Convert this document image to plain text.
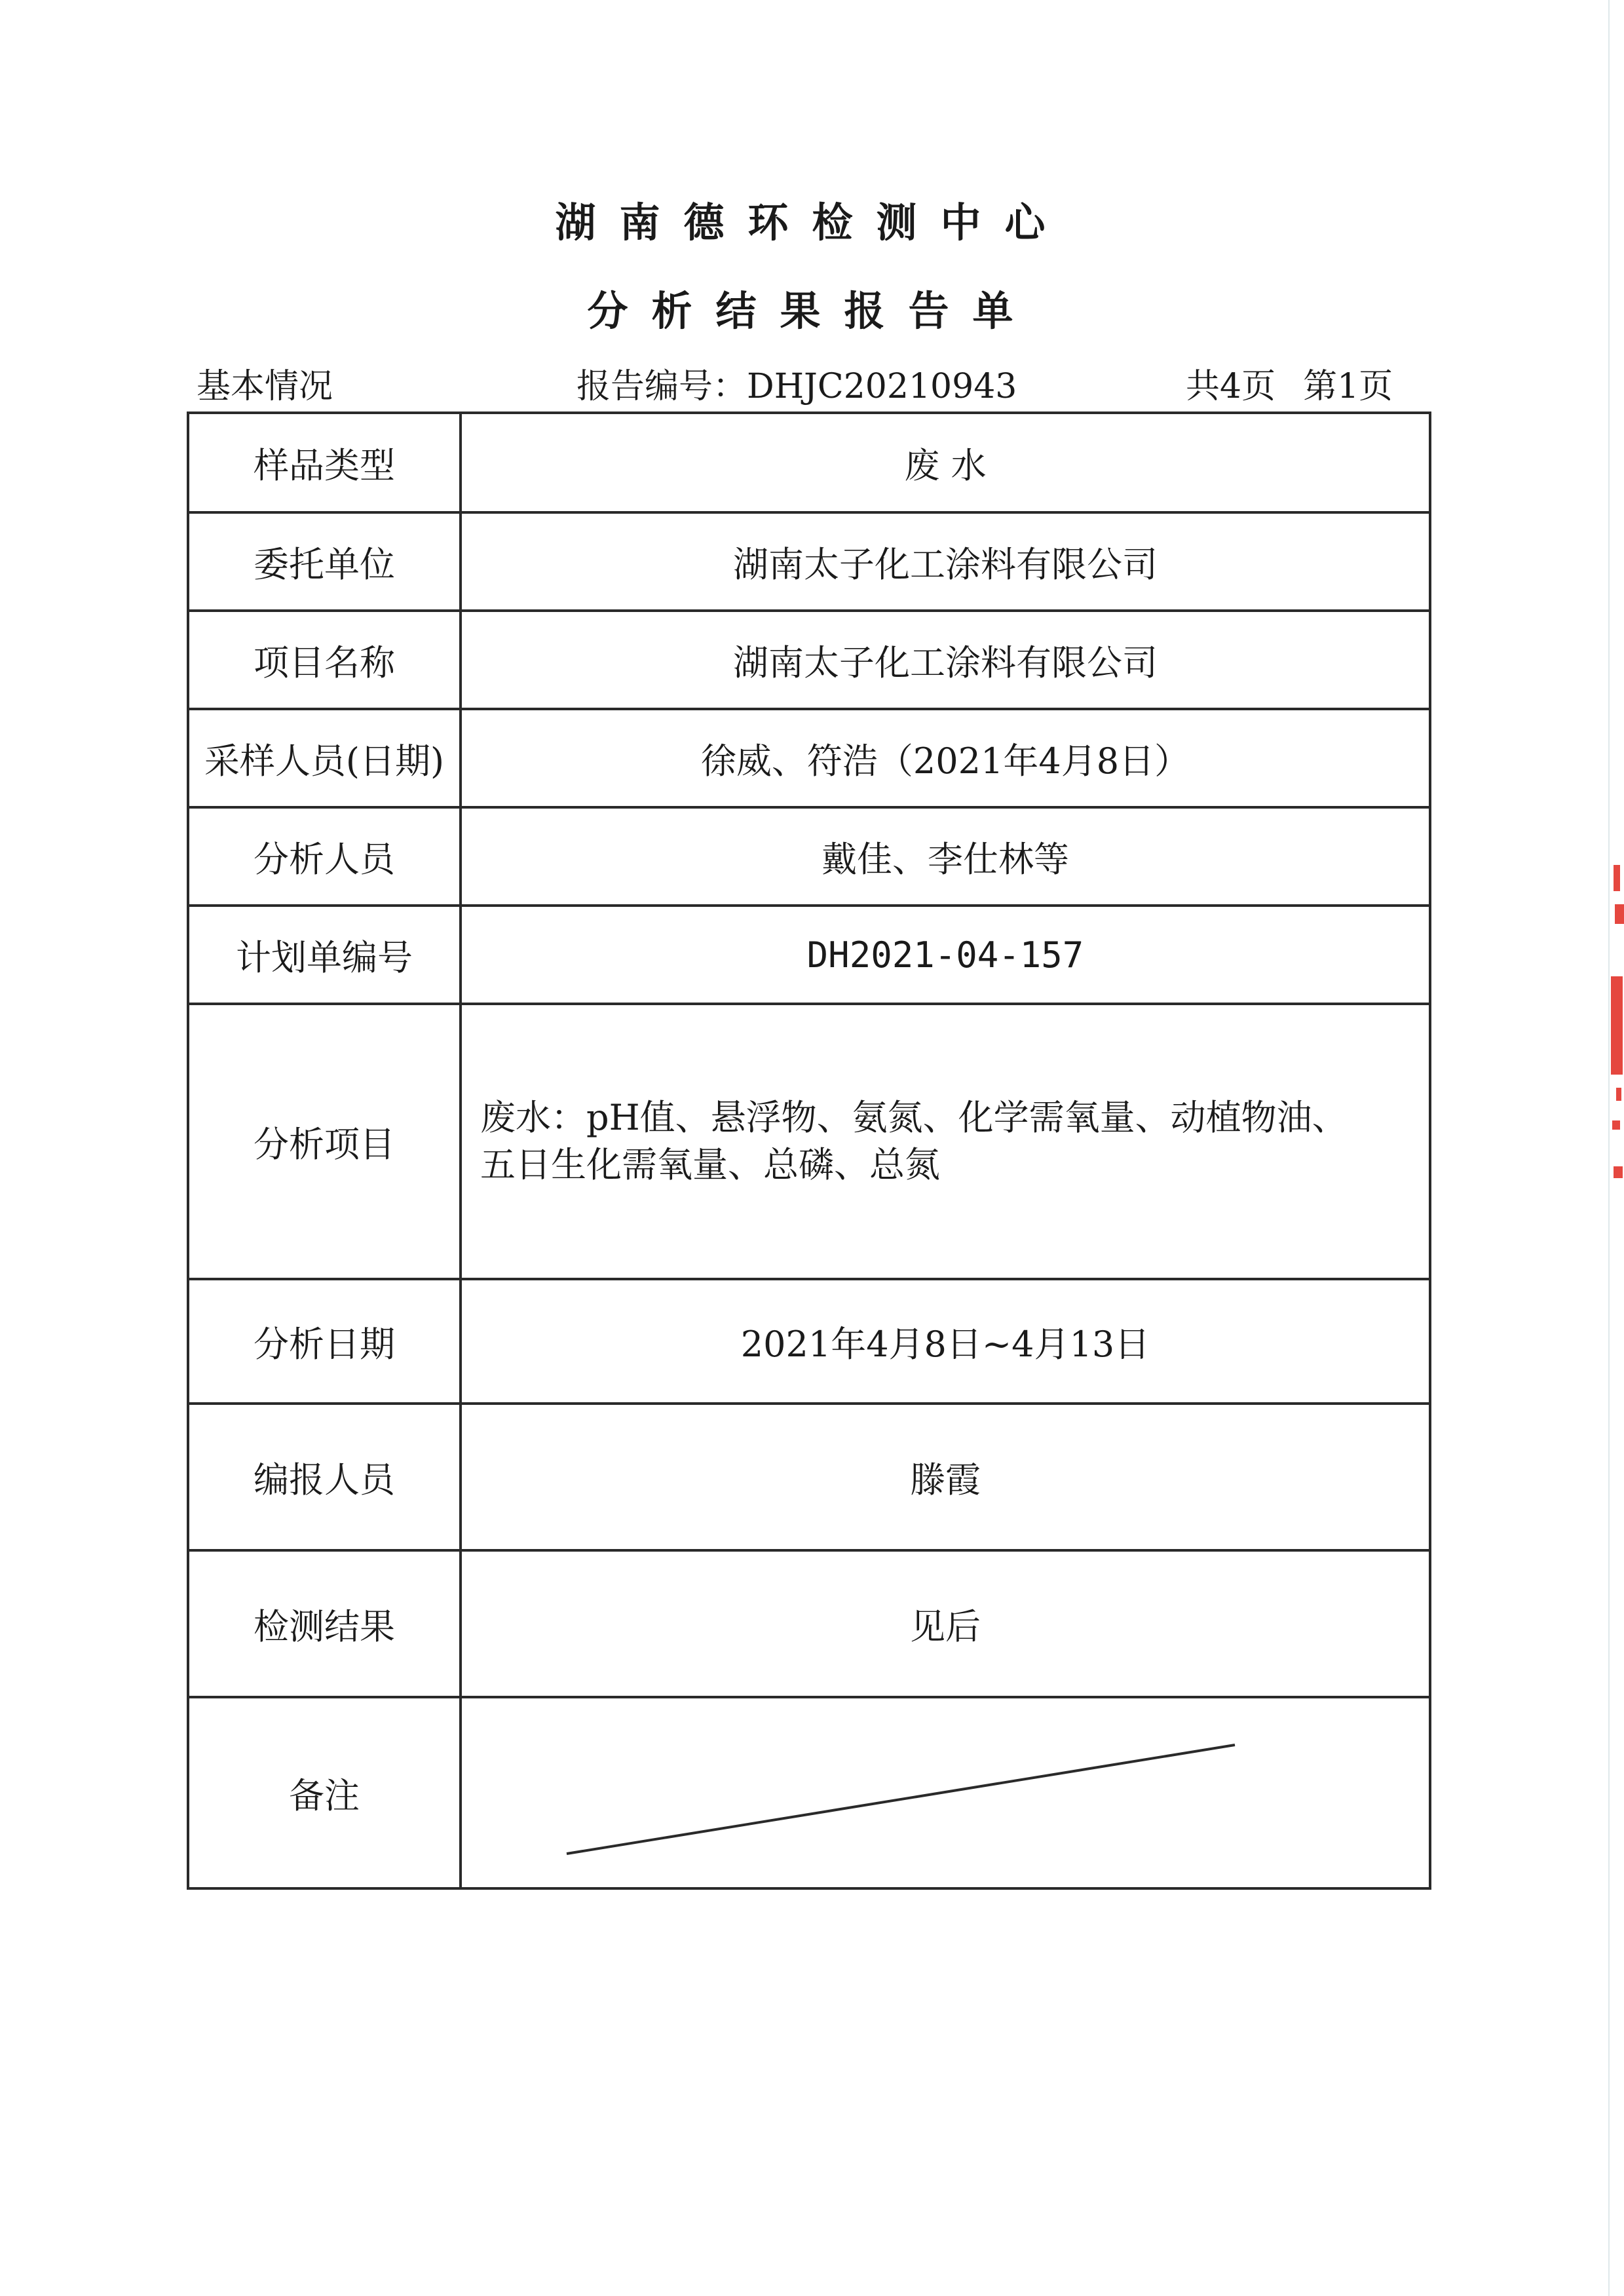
湖南德环检测中心
分析结果报告单
基本情况	报告编号：DHJC20210943	共4页 第1页
样品类型	废 水
委托单位	湖南太子化工涂料有限公司
项目名称	湖南太子化工涂料有限公司
采样人员(日期)	徐威、符浩（2021年4月8日）
分析人员	戴佳、李仕林等
计划单编号	DH2021-04-157
分析项目	废水：pH值、悬浮物、氨氮、化学需氧量、动植物油、
五日生化需氧量、总磷、总氮

分析日期	2021年4月8日~4月13日
编报人员	滕霞
检测结果	见后
备注	
